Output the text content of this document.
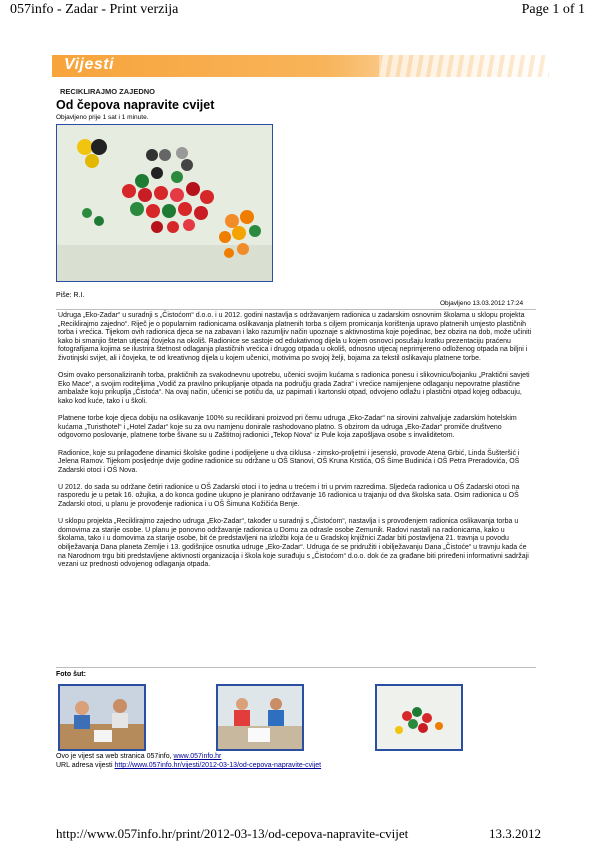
057info - Zadar - Print verzija	Page 1 of 1
Vijesti
RECIKLIRAJMO ZAJEDNO
Od čepova napravite cvijet
Objavljeno prije 1 sat i 1 minute.
Piše: R.I.
Objavljeno 13.03.2012 17:24

Udruga „Eko-Zadar“ u suradnji s „Čistoćom“ d.o.o. i u 2012. godini nastavlja s održavanjem radionica u zadarskim osnovnim školama u sklopu projekta „Reciklirajmo zajedno“. Riječ je o popularnim radionicama oslikavanja platnenih torba s ciljem promicanja korištenja upravo platnenih umjesto plastičnih torba i vrećica. Tijekom ovih radionica djeca se na zabavan i lako razumljiv način upoznaje s aktivnostima koje pojedinac, bez obzira na dob, može učiniti kako bi smanjio štetan utjecaj čovjeka na okoliš. Radionice se sastoje od edukativnog dijela u kojem osnovci posušaju kratku prezentaciju praćenu fotografijama kojima se ilustrira štetnost odlaganja plastičnih vrećica i drugog otpada u okoliš, odnosno utjecaj neprimjereno odloženog otpada na biljni i životinjski svijet, ali i čovjeka, te od kreativnog dijela u kojem učenici, motivima po svojoj želji, bojama za tekstil oslikavaju platnene torbe.

Osim ovako personaliziranih torba, praktičnih za svakodnevnu upotrebu, učenici svojim kućama s radionica ponesu i slikovnicu/bojanku „Praktični savjeti Eko Mace“, a svojim roditeljima „Vodič za pravilno prikupljanje otpada na području grada Zadra“ i vrećice namijenjene odlaganju nepovratne plastične ambalaže koju prikuplja „Čistoća“. Na ovaj način, učenici se potiču da, uz papirnati i kartonski otpad, odvojeno odlažu i plastični otpad kojeg odbacuju, kako kod kuće, tako i u školi.

Platnene torbe koje djeca dobiju na oslikavanje 100% su reciklirani proizvod pri čemu udruga „Eko-Zadar“ na sirovini zahvaljuje zadarskim hotelskim kućama „Turisthotel“ i „Hotel Zadar“ koje su za ovu namjenu donirale rashodovano platno. S obzirom da udruga „Eko-Zadar“ promiče društveno odgovorno poslovanje, platnene torbe šivane su u Zaštitnoj radionici „Tekop Nova“ iz Pule koja zapošljava osobe s invaliditetom.

Radionice, koje su prilagođene dinamici školske godine i podijeljene u dva ciklusa - zimsko-proljetni i jesenski, provode Atena Grbić, Linda Šušteršić i Jelena Ramov. Tijekom posljednje dvije godine radionice su održane u OŠ Stanovi, OŠ Kruna Krstića, OŠ Šime Budinića i OŠ Petra Preradovića, OŠ Zadarski otoci i OŠ Nova.

U 2012. do sada su održane četiri radionice u OŠ Zadarski otoci i to jedna u trećem i tri u prvim razredima. Sljedeća radionica u OŠ Zadarski otoci na rasporedu je u petak 16. ožujka, a do konca godine ukupno je planirano održavanje 16 radionica u trajanju od dva školska sata. Osim radionica u OŠ Zadarski otoci, u planu je provođenje radionica i u OŠ Šimuna Kožičića Benje.

U sklopu projekta „Reciklirajmo zajedno udruga „Eko-Zadar“, također u suradnji s „Čistoćom“, nastavlja i s provođenjem radionica oslikavanja torba u domovima za starije osobe. U planu je ponovno održavanje radionica u Domu za odrasle osobe Zemunik. Radovi nastali na radionicama, kako u školama, tako i u domovima za starije osobe, bit će predstavljeni na izložbi koja će u Gradskoj knjižnici Zadar biti postavljena 21. travnja u povodu obilježavanja Dana planeta Zemlje i 13. godišnjice osnutka udruge „Eko-Zadar“. Udruga će se pridružiti i obilježavanju Dana „Čistoće“ u travnju kada će na Narodnom trgu biti predstavljene aktivnosti organizacija i škola koje surađuju s „Čistoćom“ d.o.o. dok će za građane biti priređeni informativni sadržaji vezani uz prednosti odvojenog odlaganja otpada.

Foto šut:
Ovo je vijest sa web stranica 057info, www.057info.hr
URL adresa vijesti http://www.057info.hr/vijesti/2012-03-13/od-cepova-napravite-cvijet
http://www.057info.hr/print/2012-03-13/od-cepova-napravite-cvijet	13.3.2012
